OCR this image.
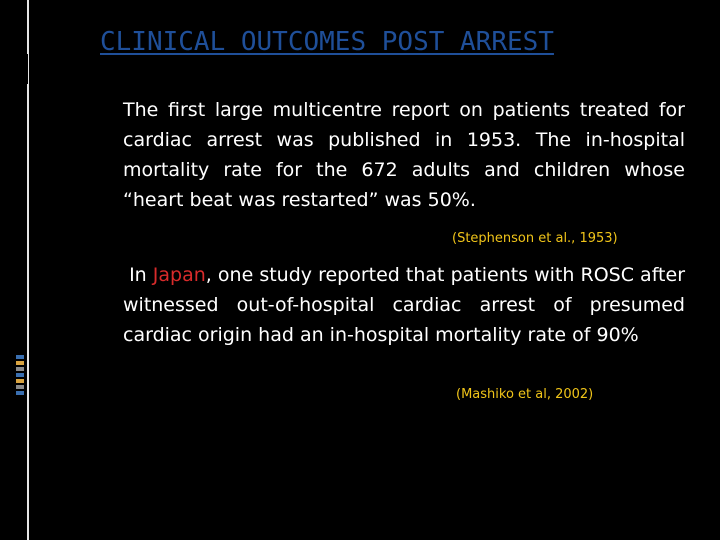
CLINICAL OUTCOMES POST ARREST
The first large multicentre report on patients treated for cardiac arrest was published in 1953. The in-hospital mortality rate for the 672 adults and children whose “heart beat was restarted” was 50%.
(Stephenson et al., 1953)
In Japan, one study reported that patients with ROSC after witnessed out-of-hospital cardiac arrest of presumed cardiac origin had an in-hospital mortality rate of 90%
(Mashiko et al, 2002)
